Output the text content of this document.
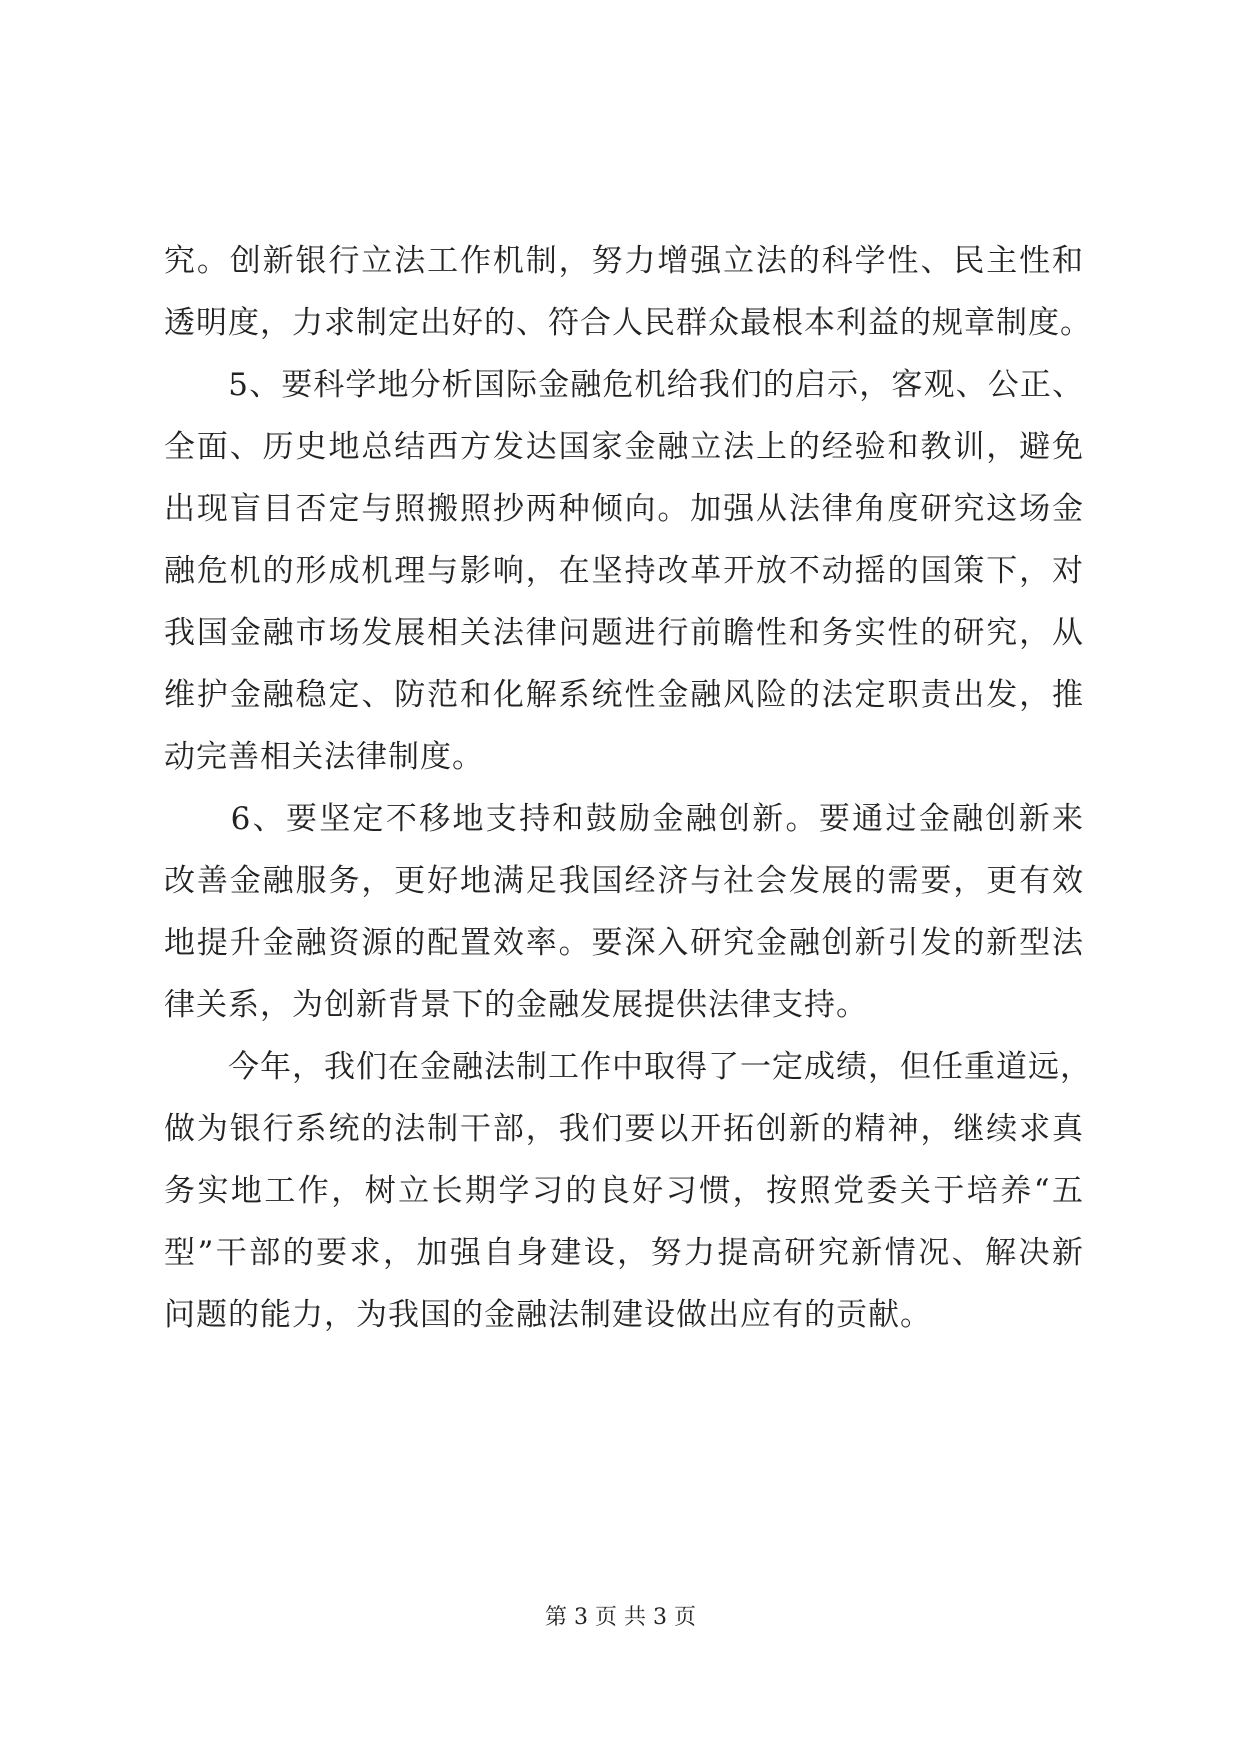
究。创新银行立法工作机制，努力增强立法的科学性、民主性和
透明度，力求制定出好的、符合人民群众最根本利益的规章制度。
　　5、要科学地分析国际金融危机给我们的启示，客观、公正、
全面、历史地总结西方发达国家金融立法上的经验和教训，避免
出现盲目否定与照搬照抄两种倾向。加强从法律角度研究这场金
融危机的形成机理与影响，在坚持改革开放不动摇的国策下，对
我国金融市场发展相关法律问题进行前瞻性和务实性的研究，从
维护金融稳定、防范和化解系统性金融风险的法定职责出发，推
动完善相关法律制度。
　　6、要坚定不移地支持和鼓励金融创新。要通过金融创新来
改善金融服务，更好地满足我国经济与社会发展的需要，更有效
地提升金融资源的配置效率。要深入研究金融创新引发的新型法
律关系，为创新背景下的金融发展提供法律支持。
　　今年，我们在金融法制工作中取得了一定成绩，但任重道远，
做为银行系统的法制干部，我们要以开拓创新的精神，继续求真
务实地工作，树立长期学习的良好习惯，按照党委关于培养“五
型”干部的要求，加强自身建设，努力提高研究新情况、解决新
问题的能力，为我国的金融法制建设做出应有的贡献。
第 3 页 共 3 页
